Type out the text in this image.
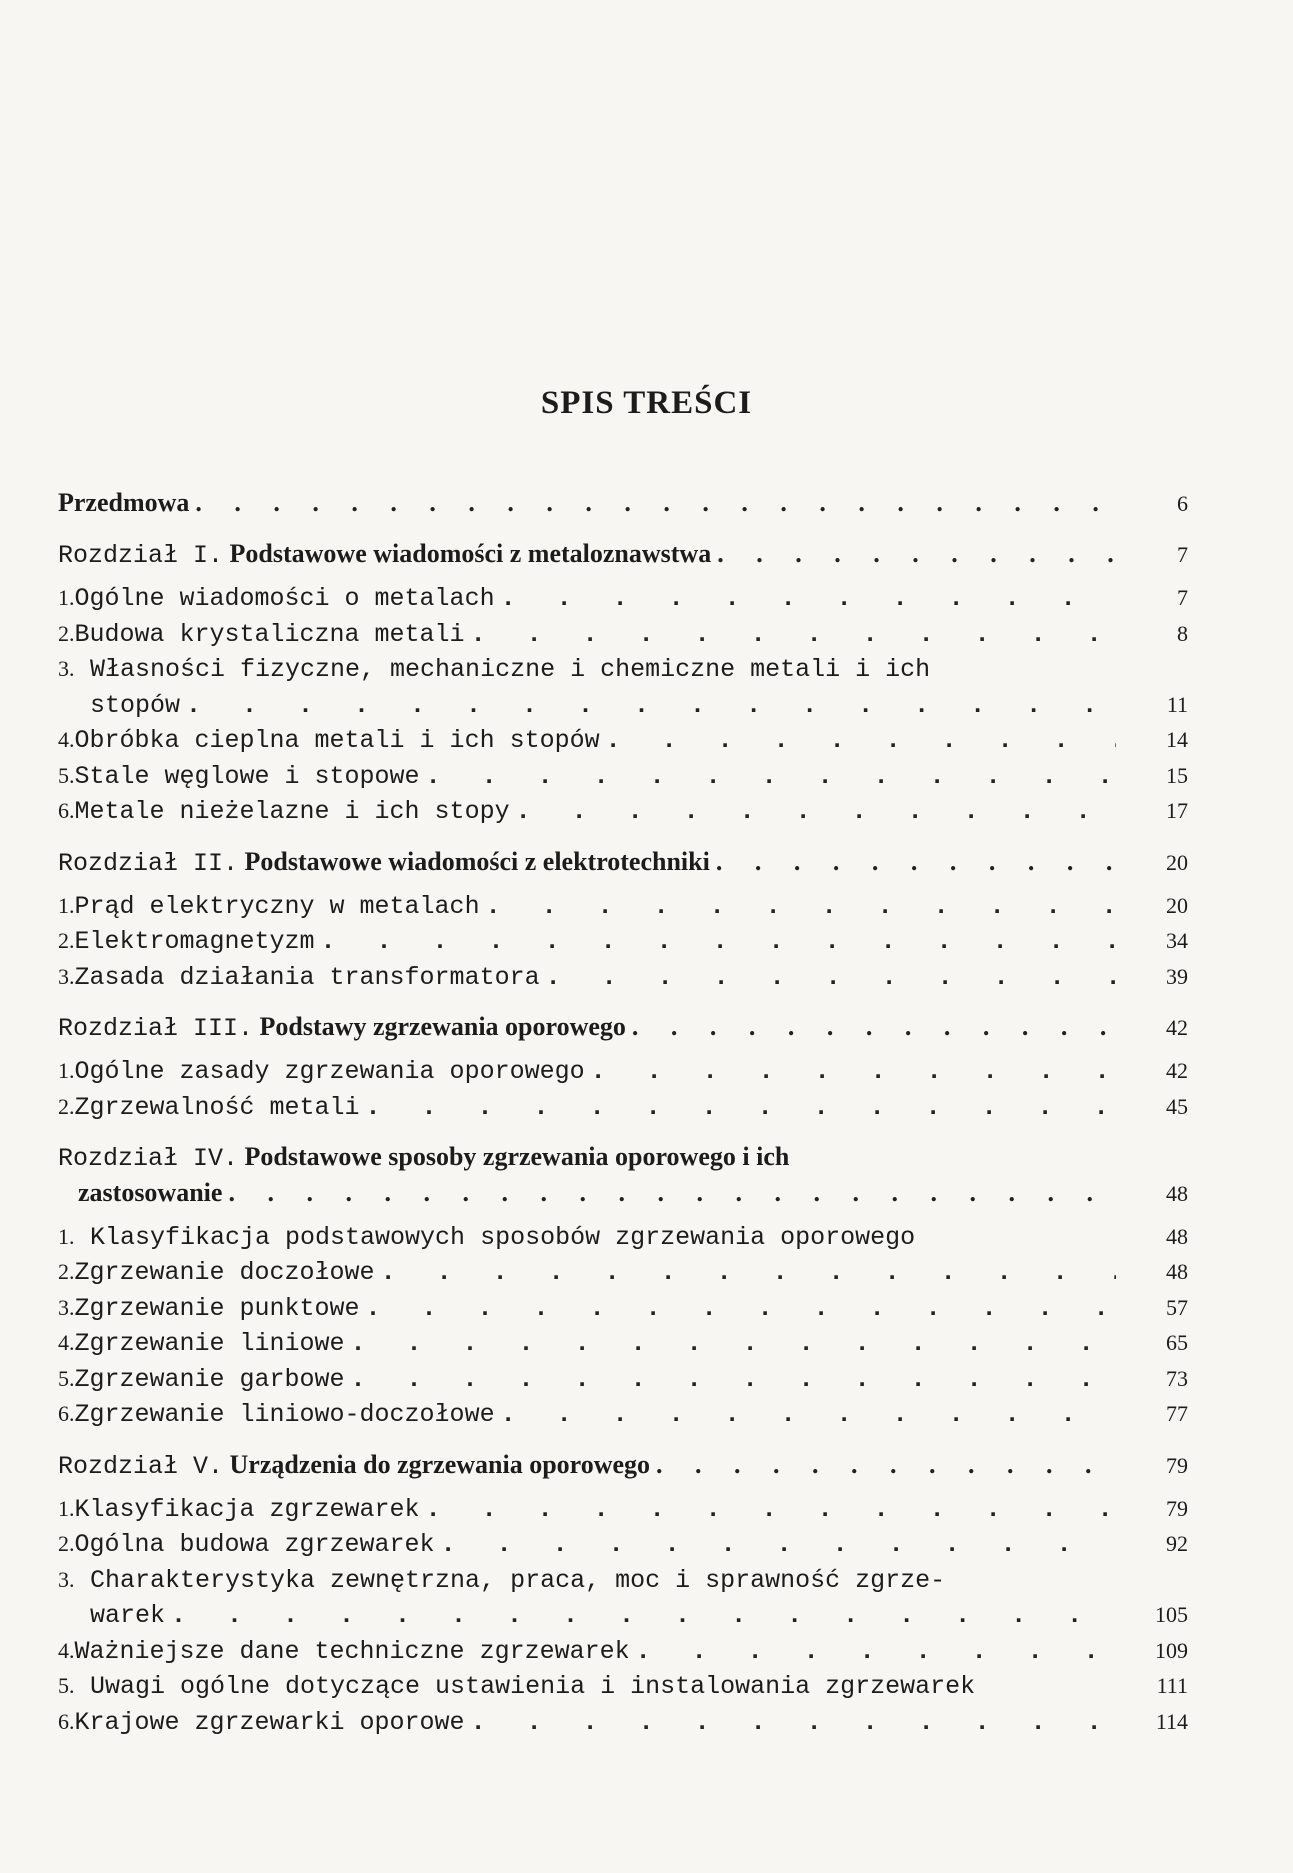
SPIS TREŚCI
Przedmowa . . .	6
Rozdział I.
Podstawowe wiadomości z metaloznawstwa . . .	7
1. Ogólne wiadomości o metalach . . .	7
2. Budowa krystaliczna metali . . .	8
3. Własności fizyczne, mechaniczne i chemiczne metali i ich
stopów . . .	11
4. Obróbka cieplna metali i ich stopów . . .	14
5. Stale węglowe i stopowe . . .	15
6. Metale nieżelazne i ich stopy . . .	17
Rozdział II.
Podstawowe wiadomości z elektrotechniki . . .	20
1. Prąd elektryczny w metalach . . .	20
2. Elektromagnetyzm . . .	34
3. Zasada działania transformatora . . .	39
Rozdział III.
Podstawy zgrzewania oporowego . . .	42
1. Ogólne zasady zgrzewania oporowego . . .	42
2. Zgrzewalność metali . . .	45
Rozdział IV.
Podstawowe sposoby zgrzewania oporowego i ich
zastosowanie . . .	48
1. Klasyfikacja podstawowych sposobów zgrzewania oporowego	48
2. Zgrzewanie doczołowe . . .	48
3. Zgrzewanie punktowe . . .	57
4. Zgrzewanie liniowe . . .	65
5. Zgrzewanie garbowe . . .	73
6. Zgrzewanie liniowo-doczołowe . . .	77
Rozdział V.
Urządzenia do zgrzewania oporowego . . .	79
1. Klasyfikacja zgrzewarek . . .	79
2. Ogólna budowa zgrzewarek . . .	92
3. Charakterystyka zewnętrzna, praca, moc i sprawność zgrze-
warek . . .	105
4. Ważniejsze dane techniczne zgrzewarek . . .	109
5. Uwagi ogólne dotyczące ustawienia i instalowania zgrzewarek	111
6. Krajowe zgrzewarki oporowe . . .	114
